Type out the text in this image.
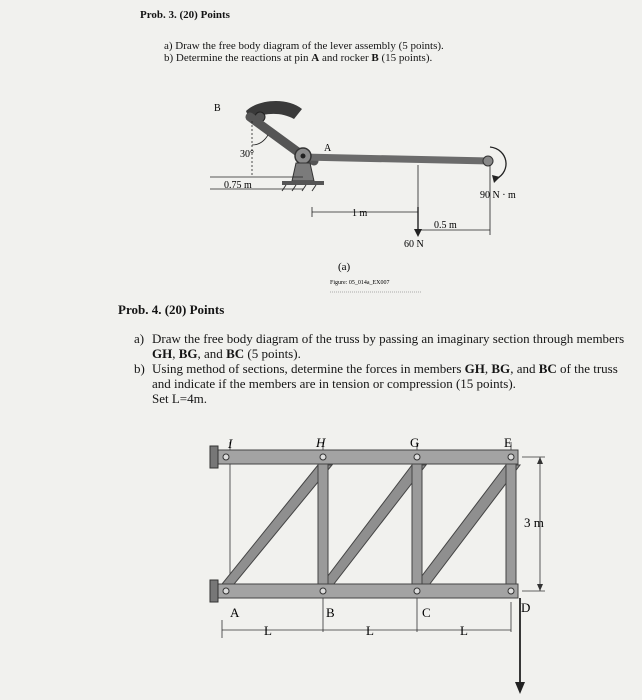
Prob. 3. (20) Points
a) Draw the free body diagram of the lever assembly (5 points).
b) Determine the reactions at pin A and rocker B (15 points).
B
A
30°
0.75 m
1 m
0.5 m
60 N
90 N · m
(a)
Figure: 05_014a_EX007
Prob. 4. (20) Points
a) Draw the free body diagram of the truss by passing an imaginary section through members GH, BG, and BC (5 points).
b) Using method of sections, determine the forces in members GH, BG, and BC of the truss and indicate if the members are in tension or compression (15 points).
Set L=4m.
I	H	G	E
A	B	C	D
L	L	L
3 m
